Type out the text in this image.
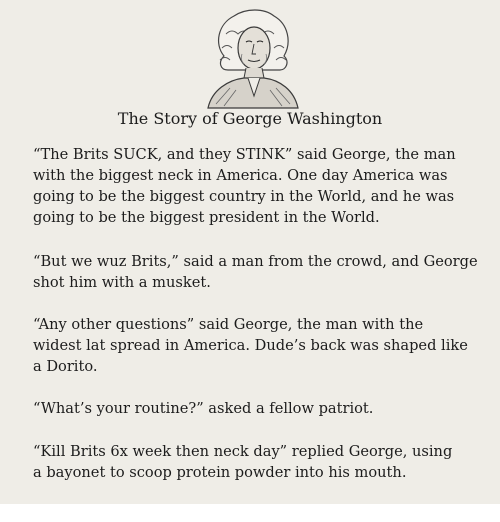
The Story of George Washington

“The Brits SUCK, and they STINK” said George, the man
with the biggest neck in America. One day America was
going to be the biggest country in the World, and he was
going to be the biggest president in the World.

“But we wuz Brits,” said a man from the crowd, and George
shot him with a musket.

“Any other questions” said George, the man with the
widest lat spread in America. Dude’s back was shaped like
a Dorito.

“What’s your routine?” asked a fellow patriot.

“Kill Brits 6x week then neck day” replied George, using
a bayonet to scoop protein powder into his mouth.
